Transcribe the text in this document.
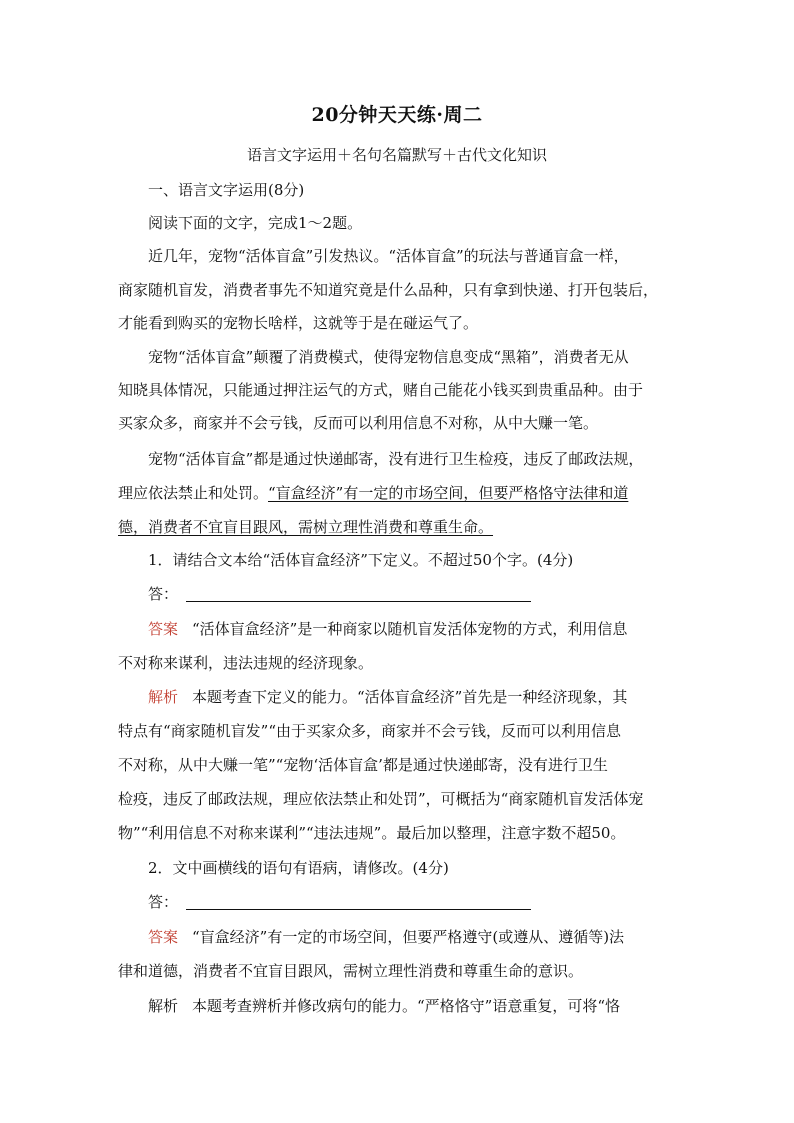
20分钟天天练·周二
语言文字运用＋名句名篇默写＋古代文化知识
一、语言文字运用(8分)
阅读下面的文字，完成1～2题。
近几年，宠物“活体盲盒”引发热议。“活体盲盒”的玩法与普通盲盒一样，
商家随机盲发，消费者事先不知道究竟是什么品种，只有拿到快递、打开包装后，
才能看到购买的宠物长啥样，这就等于是在碰运气了。
宠物“活体盲盒”颠覆了消费模式，使得宠物信息变成“黑箱”，消费者无从
知晓具体情况，只能通过押注运气的方式，赌自己能花小钱买到贵重品种。由于
买家众多，商家并不会亏钱，反而可以利用信息不对称，从中大赚一笔。
宠物“活体盲盒”都是通过快递邮寄，没有进行卫生检疫，违反了邮政法规，
理应依法禁止和处罚。“盲盒经济”有一定的市场空间，但要严格恪守法律和道
德，消费者不宜盲目跟风，需树立理性消费和尊重生命。
1．请结合文本给“活体盲盒经济”下定义。不超过50个字。(4分)
答：
答案 “活体盲盒经济”是一种商家以随机盲发活体宠物的方式，利用信息
不对称来谋利，违法违规的经济现象。
解析 本题考查下定义的能力。“活体盲盒经济”首先是一种经济现象，其
特点有“商家随机盲发”“由于买家众多，商家并不会亏钱，反而可以利用信息
不对称，从中大赚一笔”“宠物‘活体盲盒’都是通过快递邮寄，没有进行卫生
检疫，违反了邮政法规，理应依法禁止和处罚”，可概括为“商家随机盲发活体宠
物”“利用信息不对称来谋利”“违法违规”。最后加以整理，注意字数不超50。
2．文中画横线的语句有语病，请修改。(4分)
答：
答案 “盲盒经济”有一定的市场空间，但要严格遵守(或遵从、遵循等)法
律和道德，消费者不宜盲目跟风，需树立理性消费和尊重生命的意识。
解析 本题考查辨析并修改病句的能力。“严格恪守”语意重复，可将“恪
